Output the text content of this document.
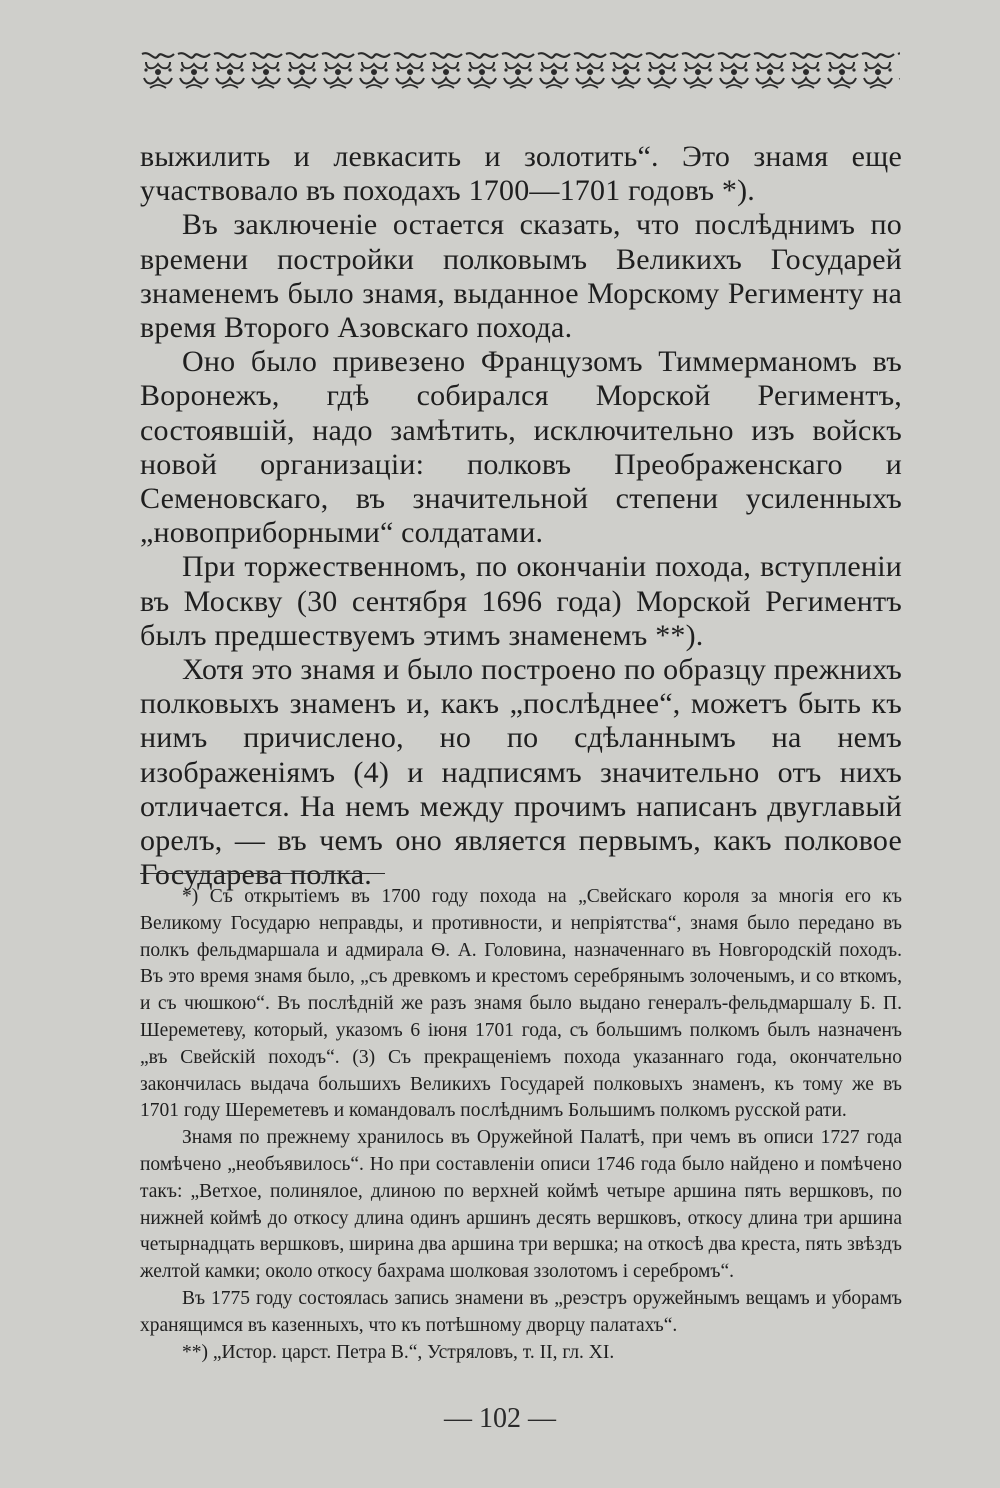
выжилить и левкасить и золотить“. Это знамя еще участвовало въ походахъ 1700—1701 годовъ *).

Въ заключеніе остается сказать, что послѣднимъ по времени постройки полковымъ Великихъ Государей знаменемъ было знамя, выданное Морскому Регименту на время Второго Азовскаго похода.

Оно было привезено Французомъ Тиммерманомъ въ Воронежъ, гдѣ собирался Морской Региментъ, состоявшій, надо замѣтить, исключительно изъ войскъ новой организаціи: полковъ Преображенскаго и Семеновскаго, въ значительной степени усиленныхъ „новоприборными“ солдатами.

При торжественномъ, по окончаніи похода, вступленіи въ Москву (30 сентября 1696 года) Морской Региментъ былъ предшествуемъ этимъ знаменемъ **).

Хотя это знамя и было построено по образцу прежнихъ полковыхъ знаменъ и, какъ „послѣднее“, можетъ быть къ нимъ причислено, но по сдѣланнымъ на немъ изображеніямъ (4) и надписямъ значительно отъ нихъ отличается. На немъ между прочимъ написанъ двуглавый орелъ, — въ чемъ оно является первымъ, какъ полковое Государева полка.

*) Съ открытіемъ въ 1700 году похода на „Свейскаго короля за многія его къ Великому Государю неправды, и противности, и непріятства“, знамя было передано въ полкъ фельдмаршала и адмирала Ѳ. А. Головина, назначеннаго въ Новгородскій походъ. Въ это время знамя было, „съ древкомъ и крестомъ серебрянымъ золоченымъ, и со вткомъ, и съ чюшкою“. Въ послѣдній же разъ знамя было выдано генералъ-фельдмаршалу Б. П. Шереметеву, который, указомъ 6 іюня 1701 года, съ большимъ полкомъ былъ назначенъ „въ Свейскій походъ“. (3) Съ прекращеніемъ похода указаннаго года, окончательно закончилась выдача большихъ Великихъ Государей полковыхъ знаменъ, къ тому же въ 1701 году Шереметевъ и командовалъ послѣднимъ Большимъ полкомъ русской рати.

Знамя по прежнему хранилось въ Оружейной Палатѣ, при чемъ въ описи 1727 года помѣчено „необъявилось“. Но при составленіи описи 1746 года было найдено и помѣчено такъ: „Ветхое, полинялое, длиною по верхней коймѣ четыре аршина пять вершковъ, по нижней коймѣ до откосу длина одинъ аршинъ десять вершковъ, откосу длина три аршина четырнадцать вершковъ, ширина два аршина три вершка; на откосѣ два креста, пять звѣздъ желтой камки; около откосу бахрама шолковая ззолотомъ і серебромъ“.

Въ 1775 году состоялась запись знамени въ „реэстръ оружейнымъ вещамъ и уборамъ хранящимся въ казенныхъ, что къ потѣшному дворцу палатахъ“.

**) „Истор. царст. Петра В.“, Устряловъ, т. II, гл. XI.

— 102 —
